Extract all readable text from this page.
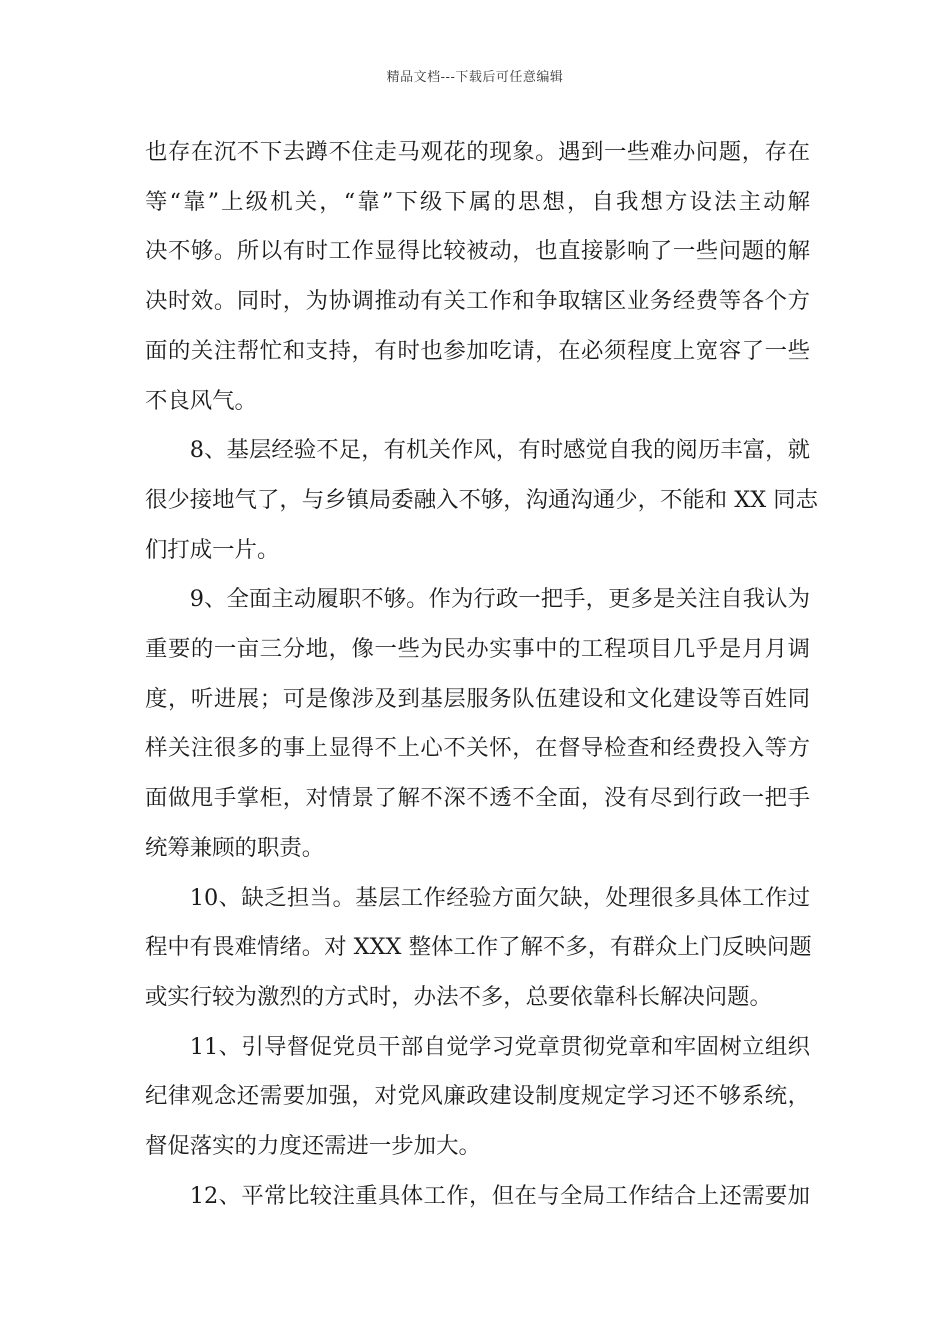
精品文档---下载后可任意编辑

也存在沉不下去蹲不住走马观花的现象。遇到一些难办问题，存在
等“靠”上级机关，“靠”下级下属的思想，自我想方设法主动解
决不够。所以有时工作显得比较被动，也直接影响了一些问题的解
决时效。同时，为协调推动有关工作和争取辖区业务经费等各个方
面的关注帮忙和支持，有时也参加吃请，在必须程度上宽容了一些
不良风气。

8、基层经验不足，有机关作风，有时感觉自我的阅历丰富，就
很少接地气了，与乡镇局委融入不够，沟通沟通少，不能和 XX 同志
们打成一片。

9、全面主动履职不够。作为行政一把手，更多是关注自我认为
重要的一亩三分地，像一些为民办实事中的工程项目几乎是月月调
度，听进展；可是像涉及到基层服务队伍建设和文化建设等百姓同
样关注很多的事上显得不上心不关怀，在督导检查和经费投入等方
面做甩手掌柜，对情景了解不深不透不全面，没有尽到行政一把手
统筹兼顾的职责。

10、缺乏担当。基层工作经验方面欠缺，处理很多具体工作过
程中有畏难情绪。对 XXX 整体工作了解不多，有群众上门反映问题
或实行较为激烈的方式时，办法不多，总要依靠科长解决问题。

11、引导督促党员干部自觉学习党章贯彻党章和牢固树立组织
纪律观念还需要加强，对党风廉政建设制度规定学习还不够系统，
督促落实的力度还需进一步加大。

12、平常比较注重具体工作，但在与全局工作结合上还需要加
